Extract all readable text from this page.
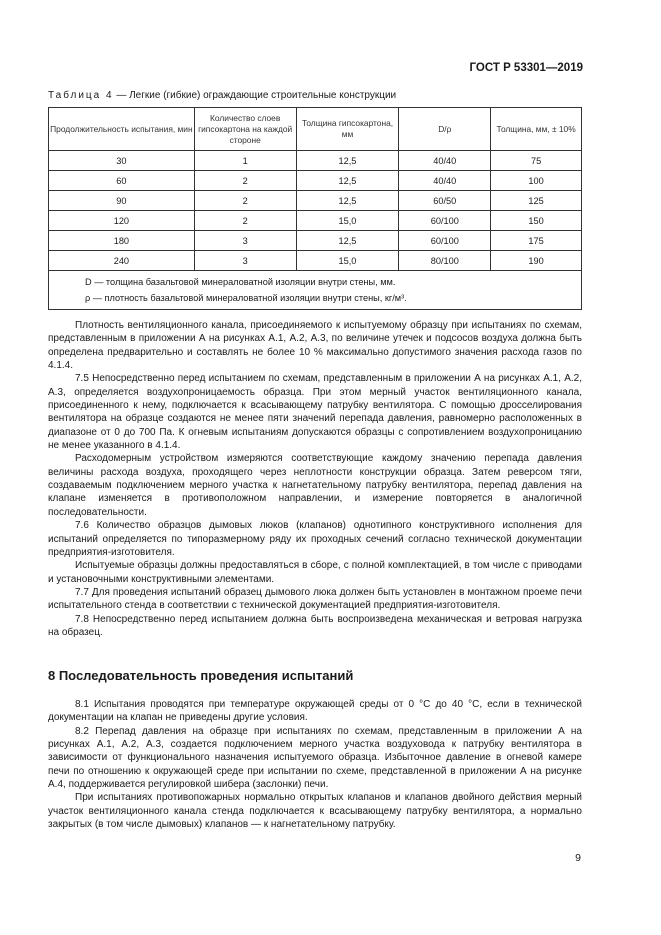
ГОСТ Р 53301—2019
Таблица 4 — Легкие (гибкие) ограждающие строительные конструкции
Продолжительность испытания, мин	Количество слоев гипсокартона на каждой стороне	Толщина гипсокартона, мм	D/ρ	Толщина, мм, ± 10%
30	1	12,5	40/40	75
60	2	12,5	40/40	100
90	2	12,5	60/50	125
120	2	15,0	60/100	150
180	3	12,5	60/100	175
240	3	15,0	80/100	190

D — толщина базальтовой минераловатной изоляции внутри стены, мм.
ρ — плотность базальтовой минераловатной изоляции внутри стены, кг/м³.				

Плотность вентиляционного канала, присоединяемого к испытуемому образцу при испытаниях по схемам, представленным в приложении А на рисунках А.1, А.2, А.3, по величине утечек и подсосов воздуха должна быть определена предварительно и составлять не более 10 % максимально допустимого значения расхода газов по 4.1.4.

7.5 Непосредственно перед испытанием по схемам, представленным в приложении А на рисунках А.1, А.2, А.3, определяется воздухопроницаемость образца. При этом мерный участок вентиляционного канала, присоединенного к нему, подключается к всасывающему патрубку вентилятора. С помощью дросселирования вентилятора на образце создаются не менее пяти значений перепада давления, равномерно расположенных в диапазоне от 0 до 700 Па. К огневым испытаниям допускаются образцы с сопротивлением воздухопроницанию не менее указанного в 4.1.4.

Расходомерным устройством измеряются соответствующие каждому значению перепада давления величины расхода воздуха, проходящего через неплотности конструкции образца. Затем реверсом тяги, создаваемым подключением мерного участка к нагнетательному патрубку вентилятора, перепад давления на клапане изменяется в противоположном направлении, и измерение повторяется в аналогичной последовательности.

7.6 Количество образцов дымовых люков (клапанов) однотипного конструктивного исполнения для испытаний определяется по типоразмерному ряду их проходных сечений согласно технической документации предприятия-изготовителя.

Испытуемые образцы должны предоставляться в сборе, с полной комплектацией, в том числе с приводами и установочными конструктивными элементами.

7.7 Для проведения испытаний образец дымового люка должен быть установлен в монтажном проеме печи испытательного стенда в соответствии с технической документацией предприятия-изготовителя.

7.8 Непосредственно перед испытанием должна быть воспроизведена механическая и ветровая нагрузка на образец.

8 Последовательность проведения испытаний

8.1 Испытания проводятся при температуре окружающей среды от 0 °С до 40 °С, если в технической документации на клапан не приведены другие условия.

8.2 Перепад давления на образце при испытаниях по схемам, представленным в приложении А на рисунках А.1, А.2, А.3, создается подключением мерного участка воздуховода к патрубку вентилятора в зависимости от функционального назначения испытуемого образца. Избыточное давление в огневой камере печи по отношению к окружающей среде при испытании по схеме, представленной в приложении А на рисунке А.4, поддерживается регулировкой шибера (заслонки) печи.

При испытаниях противопожарных нормально открытых клапанов и клапанов двойного действия мерный участок вентиляционного канала стенда подключается к всасывающему патрубку вентилятора, а нормально закрытых (в том числе дымовых) клапанов — к нагнетательному патрубку.

9
